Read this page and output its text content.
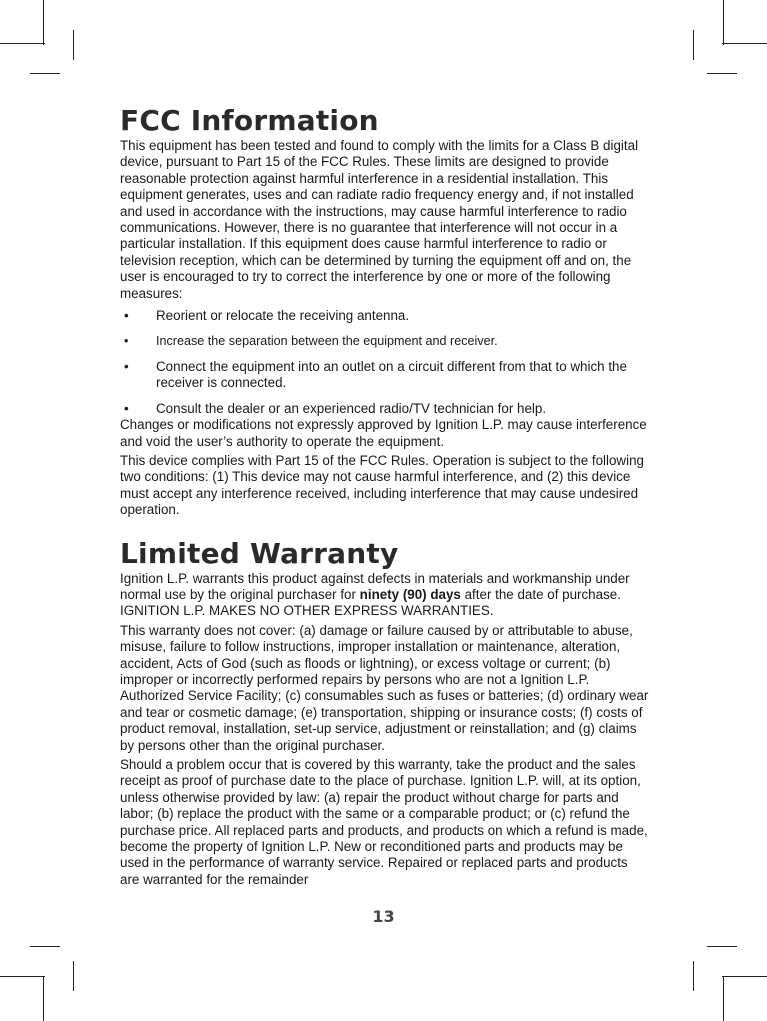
FCC Information

This equipment has been tested and found to comply with the limits for a Class B digital device, pursuant to Part 15 of the FCC Rules. These limits are designed to provide reasonable protection against harmful interference in a residential installation. This equipment generates, uses and can radiate radio frequency energy and, if not installed and used in accordance with the instructions, may cause harmful interference to radio communications. However, there is no guarantee that interference will not occur in a particular installation. If this equipment does cause harmful interference to radio or television reception, which can be determined by turning the equipment off and on, the user is encouraged to try to correct the interference by one or more of the following measures:

• Reorient or relocate the receiving antenna.
• Increase the separation between the equipment and receiver.
• Connect the equipment into an outlet on a circuit different from that to which the receiver is connected.
• Consult the dealer or an experienced radio/TV technician for help.

Changes or modifications not expressly approved by Ignition L.P. may cause interference and void the user’s authority to operate the equipment.

This device complies with Part 15 of the FCC Rules. Operation is subject to the following two conditions: (1) This device may not cause harmful interference, and (2) this device must accept any interference received, including interference that may cause undesired operation.

Limited Warranty

Ignition L.P. warrants this product against defects in materials and workmanship under normal use by the original purchaser for ninety (90) days after the date of purchase. IGNITION L.P. MAKES NO OTHER EXPRESS WARRANTIES.

This warranty does not cover: (a) damage or failure caused by or attributable to abuse, misuse, failure to follow instructions, improper installation or maintenance, alteration, accident, Acts of God (such as floods or lightning), or excess voltage or current; (b) improper or incorrectly performed repairs by persons who are not a Ignition L.P. Authorized Service Facility; (c) consumables such as fuses or batteries; (d) ordinary wear and tear or cosmetic damage; (e) transportation, shipping or insurance costs; (f) costs of product removal, installation, set-up service, adjustment or reinstallation; and (g) claims by persons other than the original purchaser.

Should a problem occur that is covered by this warranty, take the product and the sales receipt as proof of purchase date to the place of purchase. Ignition L.P. will, at its option, unless otherwise provided by law: (a) repair the product without charge for parts and labor; (b) replace the product with the same or a comparable product; or (c) refund the purchase price. All replaced parts and products, and products on which a refund is made, become the property of Ignition L.P. New or reconditioned parts and products may be used in the performance of warranty service. Repaired or replaced parts and products are warranted for the remainder

13
